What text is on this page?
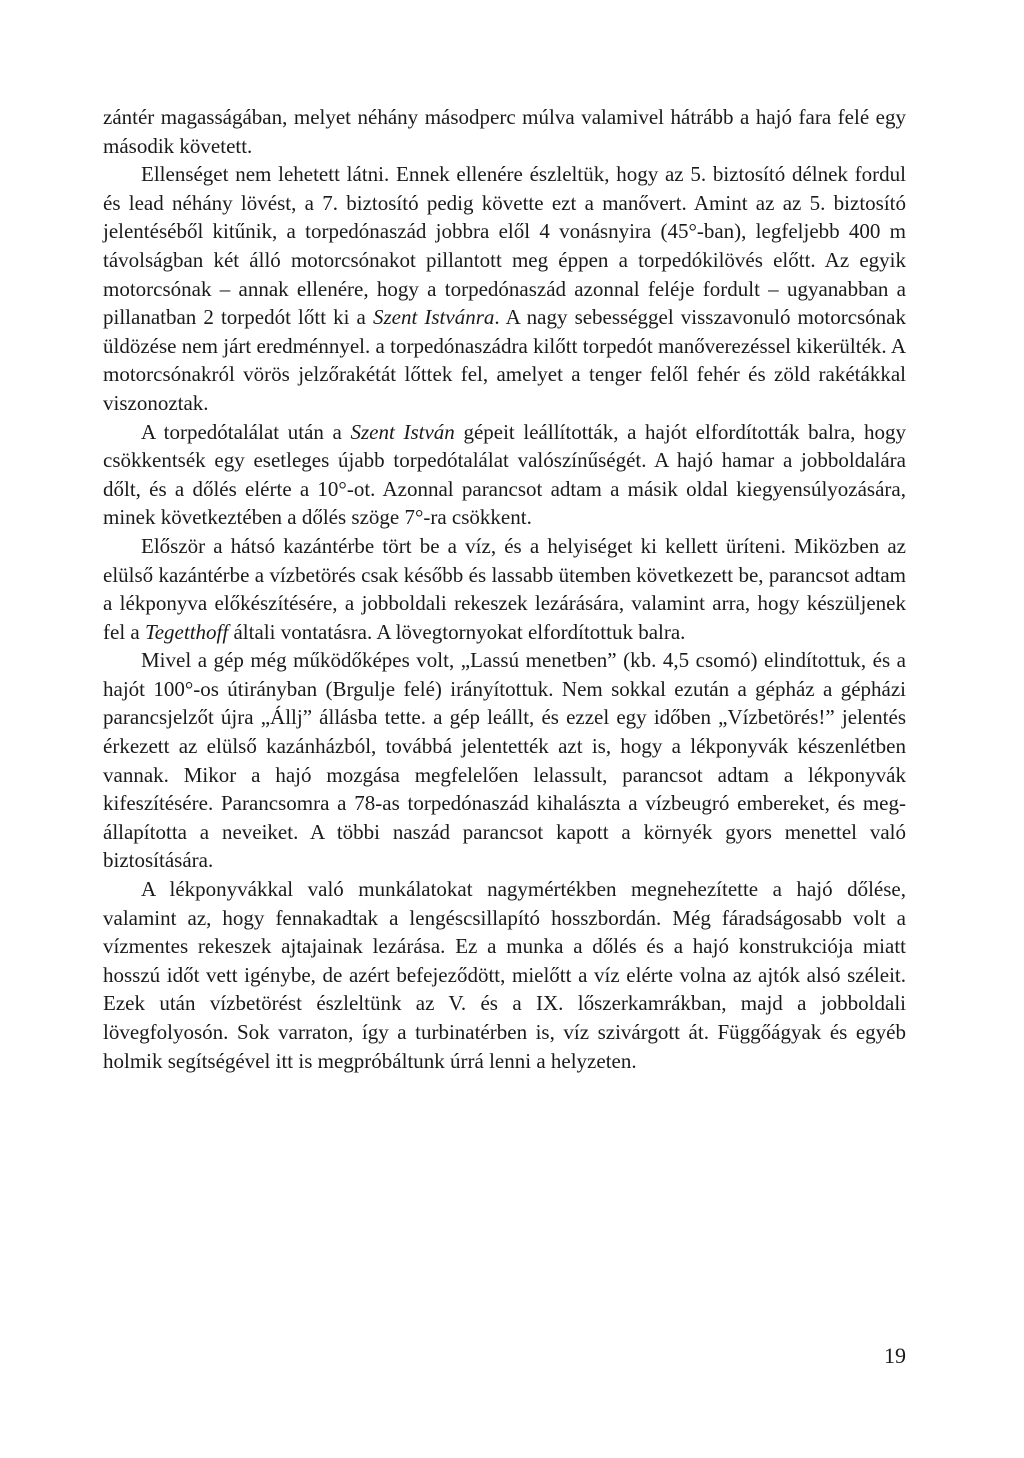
zántér magasságában, melyet néhány másodperc múlva valamivel hátrább a hajó fara felé egy második követett.

Ellenséget nem lehetett látni. Ennek ellenére észleltük, hogy az 5. biztosító délnek fordul és lead néhány lövést, a 7. biztosító pedig követte ezt a manővert. Amint az az 5. biztosító jelentéséből kitűnik, a torpedónaszád jobbra elől 4 vonásnyira (45°-ban), legfeljebb 400 m távolságban két álló motorcsónakot pillantott meg éppen a torpedókilövés előtt. Az egyik motorcsónak – annak ellenére, hogy a torpedónaszád azonnal feléje fordult – ugyanabban a pillanatban 2 torpedót lőtt ki a Szent Istvánra. A nagy sebességgel visszavonuló motorcsónak üldözése nem járt eredménnyel. a torpedónaszádra kilőtt torpedót manőverezéssel kikerülték. A motorcsónakról vörös jelzőrakétát lőttek fel, amelyet a tenger felől fehér és zöld rakétákkal viszonoztak.

A torpedótalálat után a Szent István gépeit leállították, a hajót elfordították balra, hogy csökkentsék egy esetleges újabb torpedótalálat valószínűségét. A hajó hamar a jobboldalára dőlt, és a dőlés elérte a 10°-ot. Azonnal parancsot adtam a másik oldal kiegyensúlyozására, minek következtében a dőlés szöge 7°-ra csökkent.

Először a hátsó kazántérbe tört be a víz, és a helyiséget ki kellett üríteni. Miközben az elülső kazántérbe a vízbetörés csak később és lassabb ütemben következett be, parancsot adtam a lékponyva előkészítésére, a jobboldali rekeszek lezárására, valamint arra, hogy készüljenek fel a Tegetthoff általi vontatásra. A lövegtornyokat elfordítottuk balra.

Mivel a gép még működőképes volt, „Lassú menetben” (kb. 4,5 csomó) elindítottuk, és a hajót 100°-os útirányban (Brgulje felé) irányítottuk. Nem sokkal ezután a gépház a gépházi parancsjelzőt újra „Állj” állásba tette. a gép leállt, és ezzel egy időben „Vízbetörés!” jelentés érkezett az elülső kazánházból, továbbá jelentették azt is, hogy a lékponyvák készenlétben vannak. Mikor a hajó mozgása megfelelően lelassult, parancsot adtam a lékponyvák kifeszítésére. Parancsomra a 78-as torpedónaszád kihalászta a vízbeugró embereket, és megállapította a neveiket. A többi naszád parancsot kapott a környék gyors menettel való biztosítására.

A lékponyvákkal való munkálatokat nagymértékben megnehezítette a hajó dőlése, valamint az, hogy fennakadtak a lengéscsillapító hosszbordán. Még fáradságosabb volt a vízmentes rekeszek ajtajainak lezárása. Ez a munka a dőlés és a hajó konstrukciója miatt hosszú időt vett igénybe, de azért befejeződött, mielőtt a víz elérte volna az ajtók alsó széleit. Ezek után vízbetörést észleltünk az V. és a IX. lőszerkamrákban, majd a jobboldali lövegfolyosón. Sok varraton, így a turbinatérben is, víz szivárgott át. Függőágyak és egyéb holmik segítségével itt is megpróbáltunk úrrá lenni a helyzeten.

19
